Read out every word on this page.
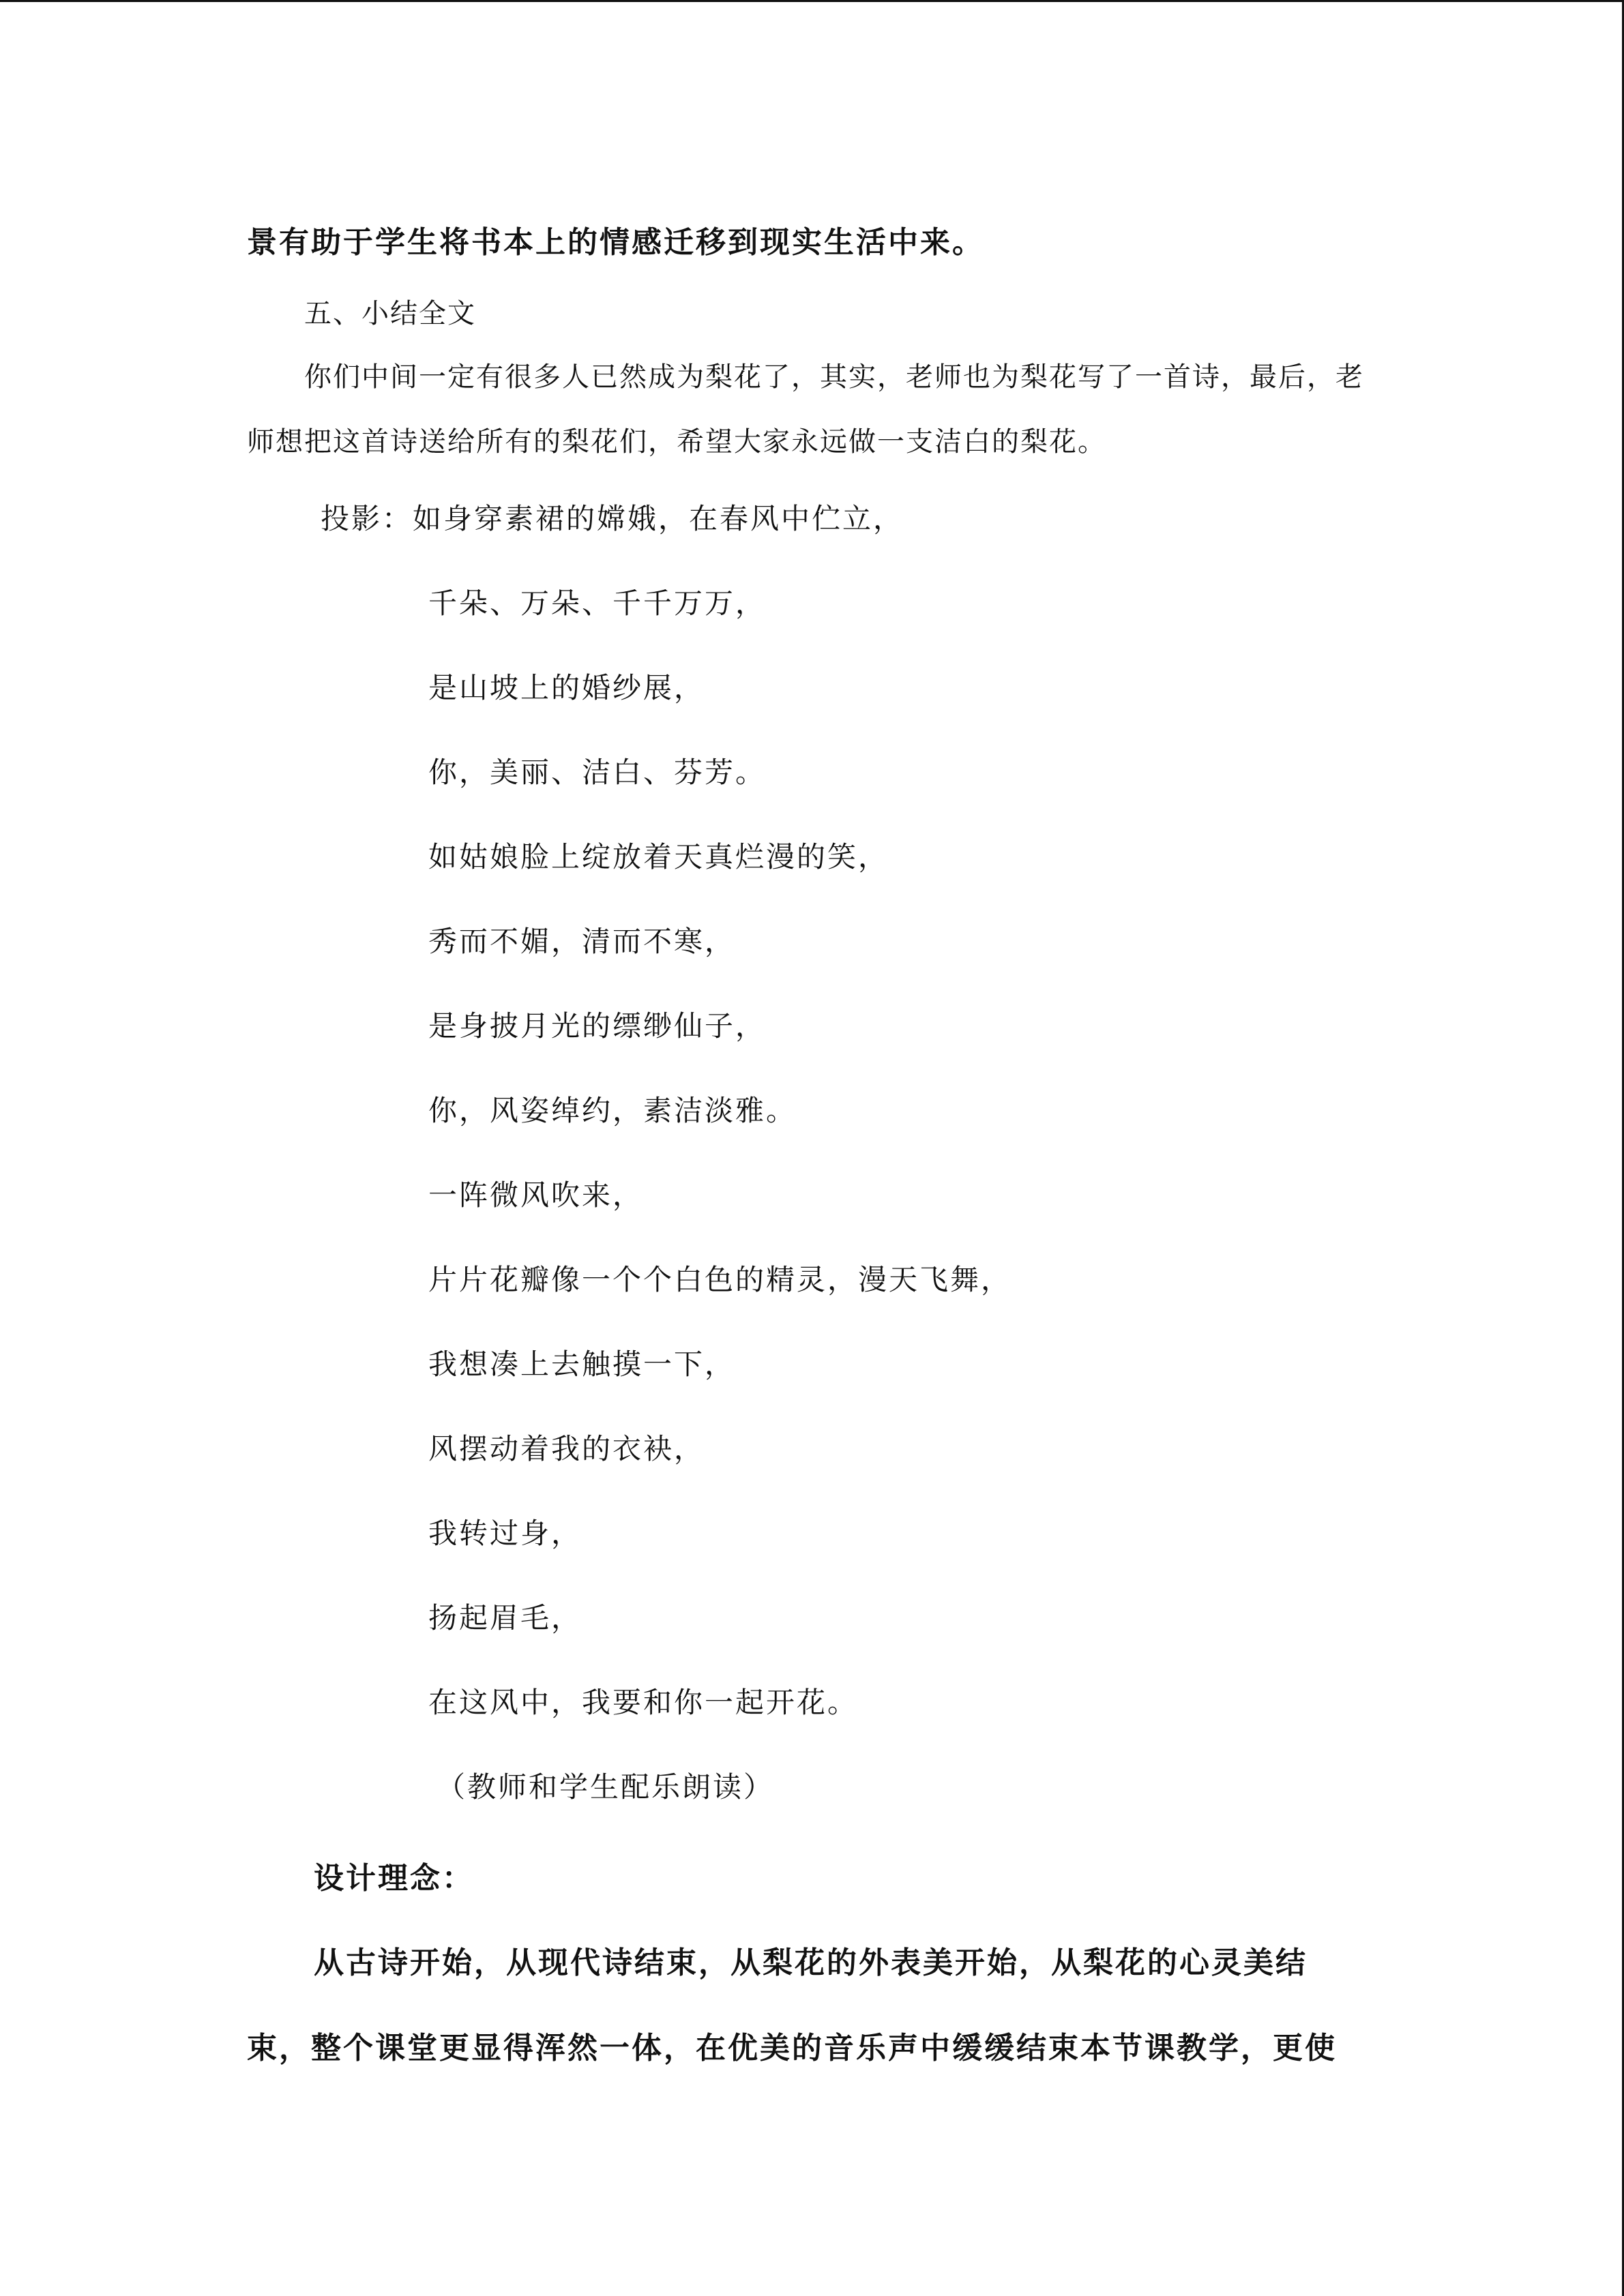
景有助于学生将书本上的情感迁移到现实生活中来。
五、小结全文
你们中间一定有很多人已然成为梨花了，其实，老师也为梨花写了一首诗，最后，老
师想把这首诗送给所有的梨花们，希望大家永远做一支洁白的梨花。
投影：如身穿素裙的嫦娥，在春风中伫立，
千朵、万朵、千千万万，
是山坡上的婚纱展，
你，美丽、洁白、芬芳。
如姑娘脸上绽放着天真烂漫的笑，
秀而不媚，清而不寒，
是身披月光的缥缈仙子，
你，风姿绰约，素洁淡雅。
一阵微风吹来，
片片花瓣像一个个白色的精灵，漫天飞舞，
我想凑上去触摸一下，
风摆动着我的衣袂，
我转过身，
扬起眉毛，
在这风中，我要和你一起开花。
（教师和学生配乐朗读）
设计理念：
从古诗开始，从现代诗结束，从梨花的外表美开始，从梨花的心灵美结
束，整个课堂更显得浑然一体，在优美的音乐声中缓缓结束本节课教学，更使
